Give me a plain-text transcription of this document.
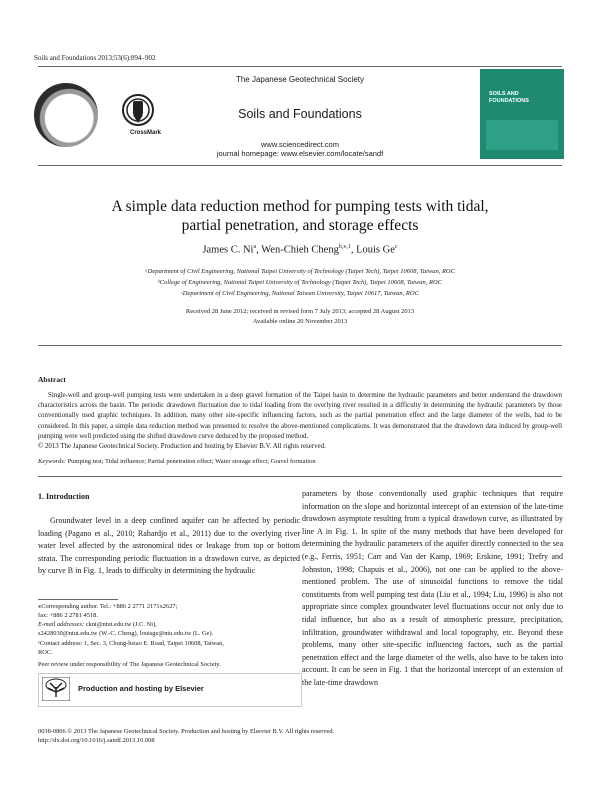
Soils and Foundations 2013;53(6):894–902
CrossMark
The Japanese Geotechnical Society
Soils and Foundations
www.sciencedirect.com
journal homepage: www.elsevier.com/locate/sandf
SOILS AND FOUNDATIONS
A simple data reduction method for pumping tests with tidal,
partial penetration, and storage effects
James C. Ni$^a$, Wen-Chieh Cheng$^{b,⁎,1}$, Louis Ge$^c$
ᵃDepartment of Civil Engineering, National Taipei University of Technology (Taipei Tech), Taipei 10608, Taiwan, ROC
ᵇCollege of Engineering, National Taipei University of Technology (Taipei Tech), Taipei 10608, Taiwan, ROC
ᶜDepartment of Civil Engineering, National Taiwan University, Taipei 10617, Taiwan, ROC
Received 28 June 2012; received in revised form 7 July 2013; accepted 28 August 2013
Available online 20 November 2013
Abstract
Single-well and group-well pumping tests were undertaken in a deep gravel formation of the Taipei basin to determine the hydraulic parameters and better understand the drawdown characteristics across the basin. The periodic drawdown fluctuation due to tidal loading from the overlying river resulted in a difficulty in determining the hydraulic parameters by those conventionally used graphic techniques. In addition, many other site-specific influencing factors, such as the partial penetration effect and the large diameter of the wells, had to be considered. In this paper, a simple data reduction method was presented to resolve the above-mentioned complications. It was demonstrated that the drawdown data induced by group-well pumping were well predicted using the shifted drawdown curve deduced by the proposed method.
© 2013 The Japanese Geotechnical Society. Production and hosting by Elsevier B.V. All rights reserved.
Keywords: Pumping test; Tidal influence; Partial penetration effect; Water storage effect; Gravel formation
1. Introduction
Groundwater level in a deep confined aquifer can be affected by periodic loading (Pagano et al., 2010; Rahardjo et al., 2011) due to the overlying river water level affected by the astronomical tides or leakage from top or bottom strata. The corresponding periodic fluctuation in a drawdown curve, as depicted by curve B in Fig. 1, leads to difficulty in determining the hydraulic
parameters by those conventionally used graphic techniques that require information on the slope and horizontal intercept of an extension of the late-time drawdown asymptote resulting from a typical drawdown curve, as illustrated by line A in Fig. 1. In spite of the many methods that have been developed for determining the hydraulic parameters of the aquifer directly connected to the sea (e.g., Ferris, 1951; Carr and Van der Kamp, 1969; Erskine, 1991; Trefry and Johnston, 1998; Chapuis et al., 2006), not one can be applied to the above-mentioned problem. The use of sinusoidal functions to remove the tidal constituents from well pumping test data (Liu et al., 1994; Liu, 1996) is also not appropriate since complex groundwater level fluctuations occur not only due to tidal influence, but also as a result of atmospheric pressure, precipitation, infiltration, groundwater withdrawal and local topography, etc. Beyond these problems, many other site-specific influencing factors, such as the partial penetration effect and the large diameter of the wells, also have to be taken into account. It can be seen in Fig. 1 that the horizontal intercept of an extension of the late-time drawdown
⁎Corresponding author. Tel.: +886 2 2771 2171x2627;
fax: +886 2 2781 4518.
E-mail addresses: ckni@ntut.edu.tw (J.C. Ni),
s2428030@ntut.edu.tw (W.-C. Cheng), louisge@ntu.edu.tw (L. Ge).
¹Contact address: 1, Sec. 3, Chung-hsiao E. Road, Taipei 10608, Taiwan,
ROC.
Peer review under responsibility of The Japanese Geotechnical Society.
Production and hosting by Elsevier
0038-0806 © 2013 The Japanese Geotechnical Society. Production and hosting by Elsevier B.V. All rights reserved.
http://dx.doi.org/10.1016/j.sandf.2013.10.008
